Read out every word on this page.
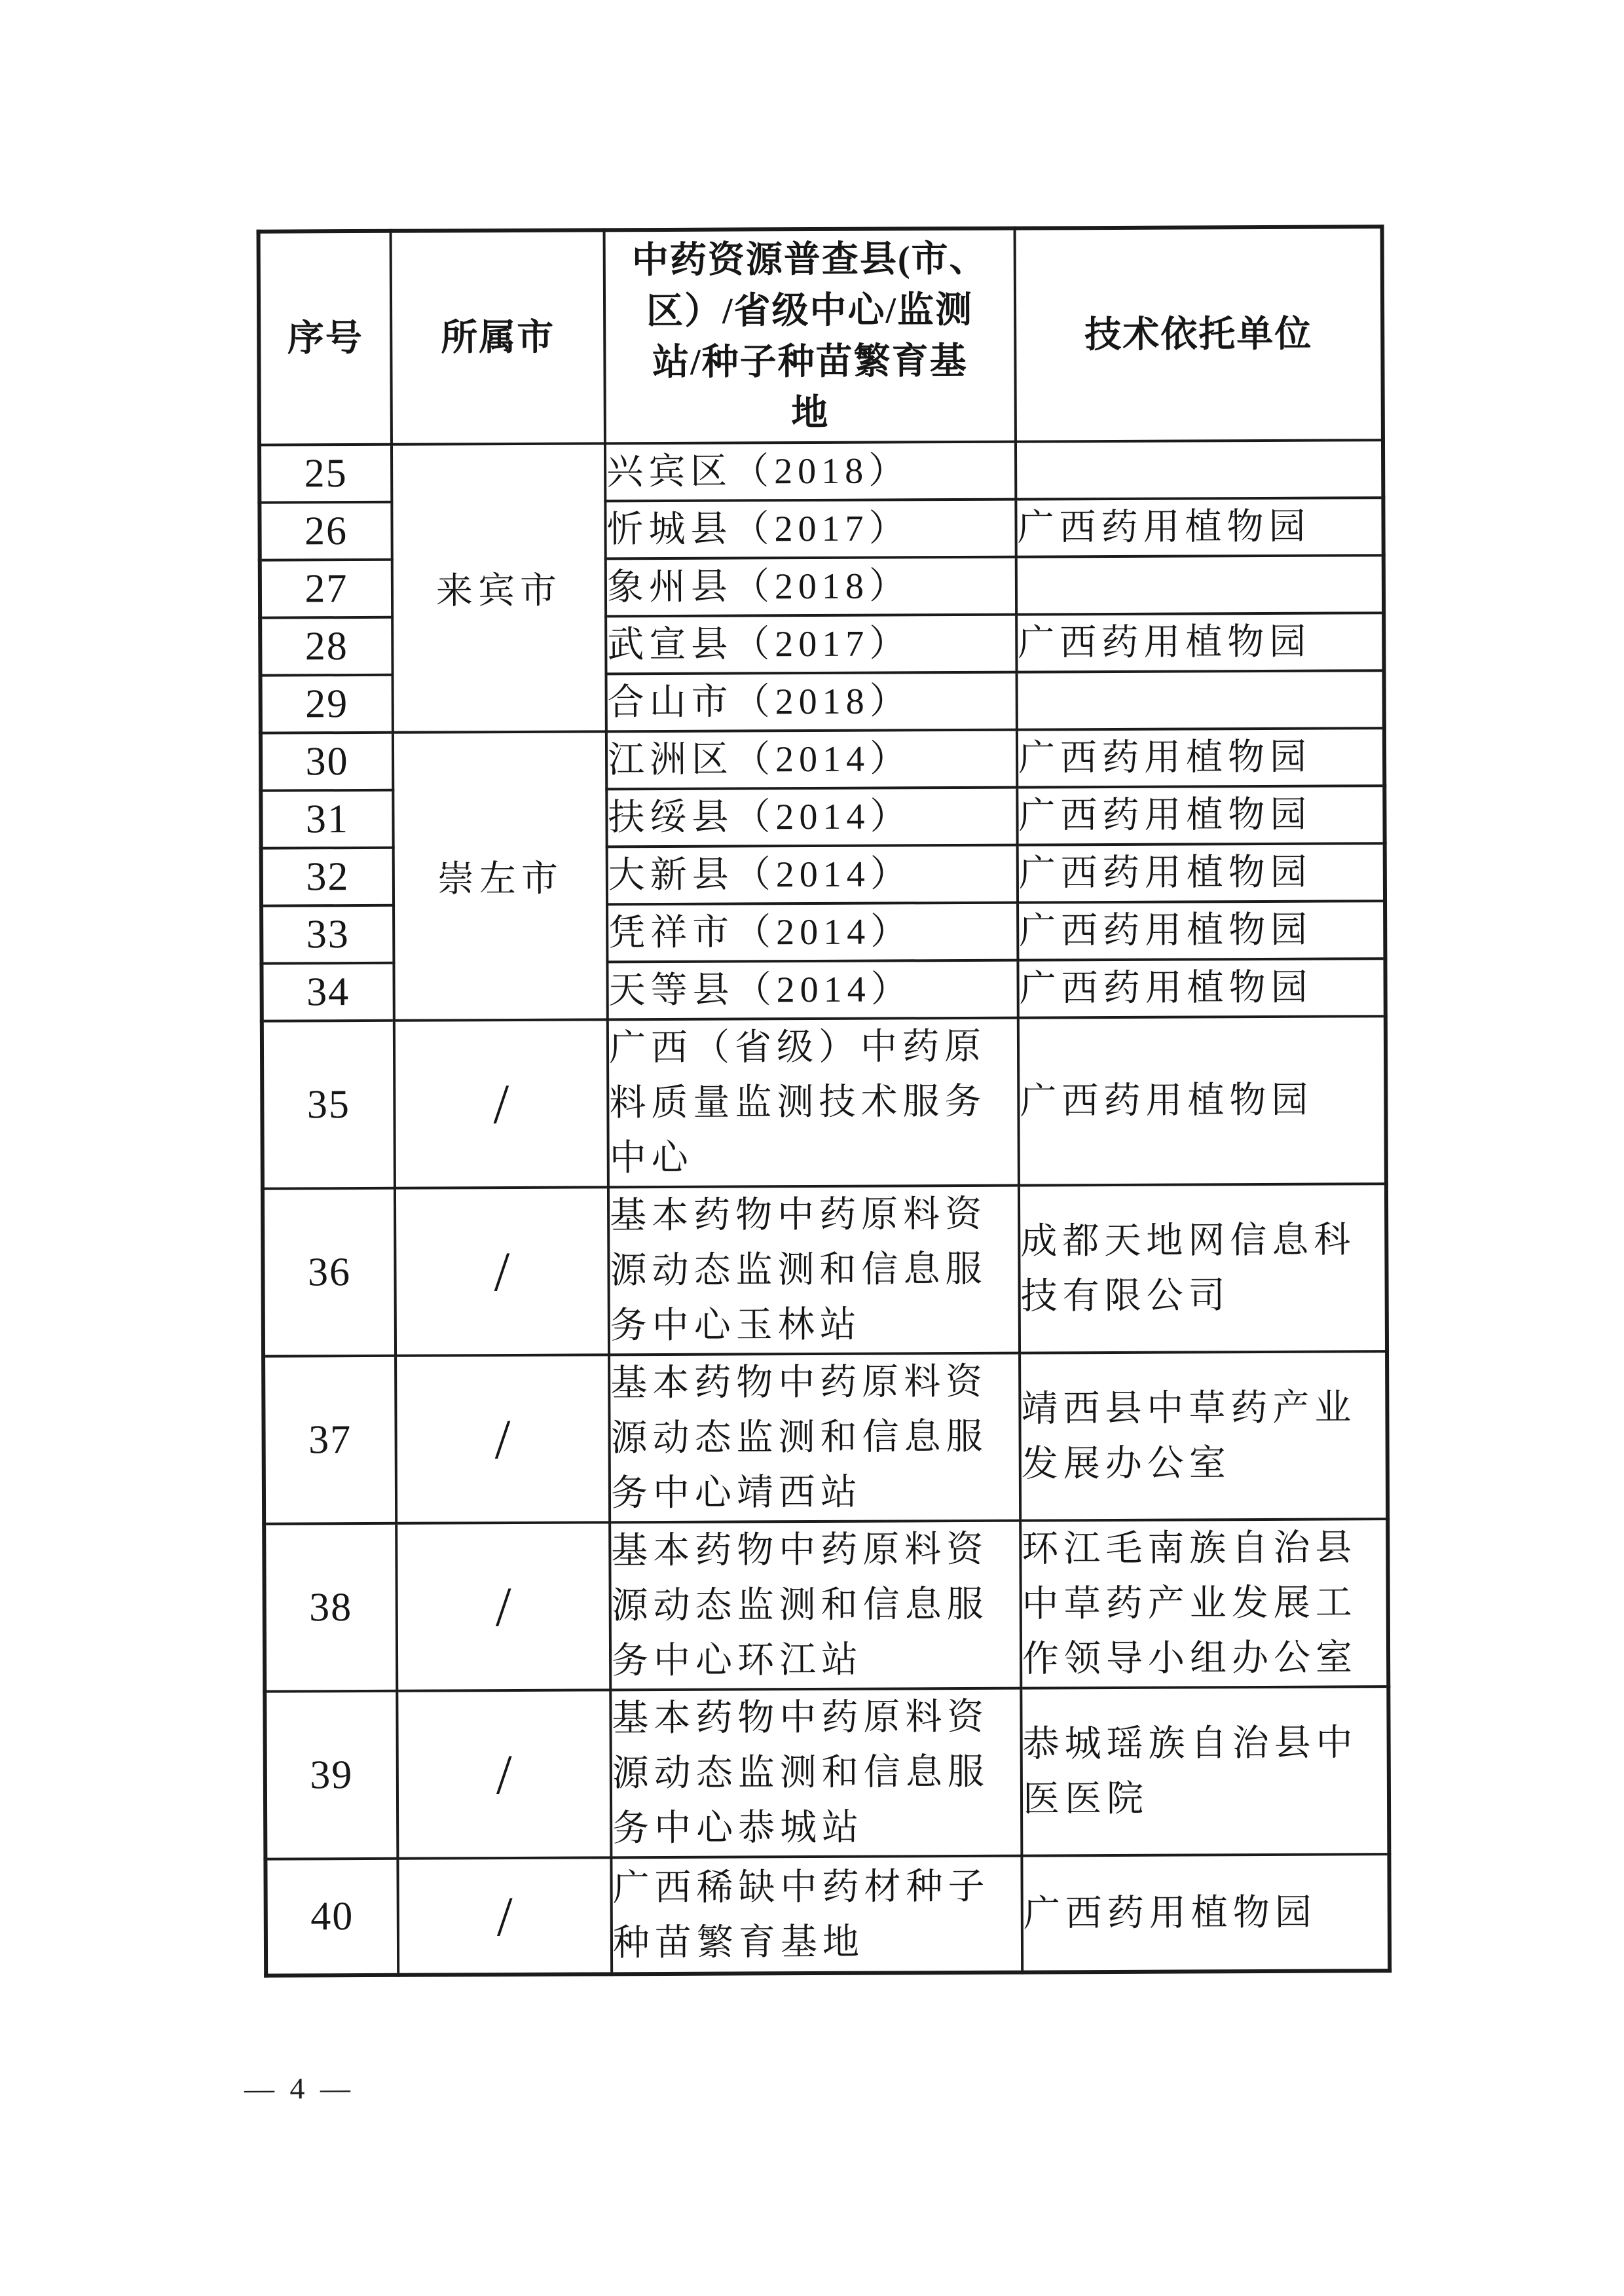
序号	所属市	中药资源普查县(市、
区）/省级中心/监测
站/种子种苗繁育基
地	技术依托单位
25	来宾市	兴宾区（2018）	
26		忻城县（2017）	广西药用植物园
27		象州县（2018）	
28		武宣县（2017）	广西药用植物园
29		合山市（2018）	
30	崇左市	江洲区（2014）	广西药用植物园
31		扶绥县（2014）	广西药用植物园
32		大新县（2014）	广西药用植物园
33		凭祥市（2014）	广西药用植物园
34		天等县（2014）	广西药用植物园
35	/	广西（省级）中药原
料质量监测技术服务
中心	广西药用植物园
36	/	基本药物中药原料资
源动态监测和信息服
务中心玉林站	成都天地网信息科
技有限公司
37	/	基本药物中药原料资
源动态监测和信息服
务中心靖西站	靖西县中草药产业
发展办公室
38	/	基本药物中药原料资
源动态监测和信息服
务中心环江站	环江毛南族自治县
中草药产业发展工
作领导小组办公室
39	/	基本药物中药原料资
源动态监测和信息服
务中心恭城站	恭城瑶族自治县中
医医院
40	/	广西稀缺中药材种子
种苗繁育基地	广西药用植物园
— 4 —
